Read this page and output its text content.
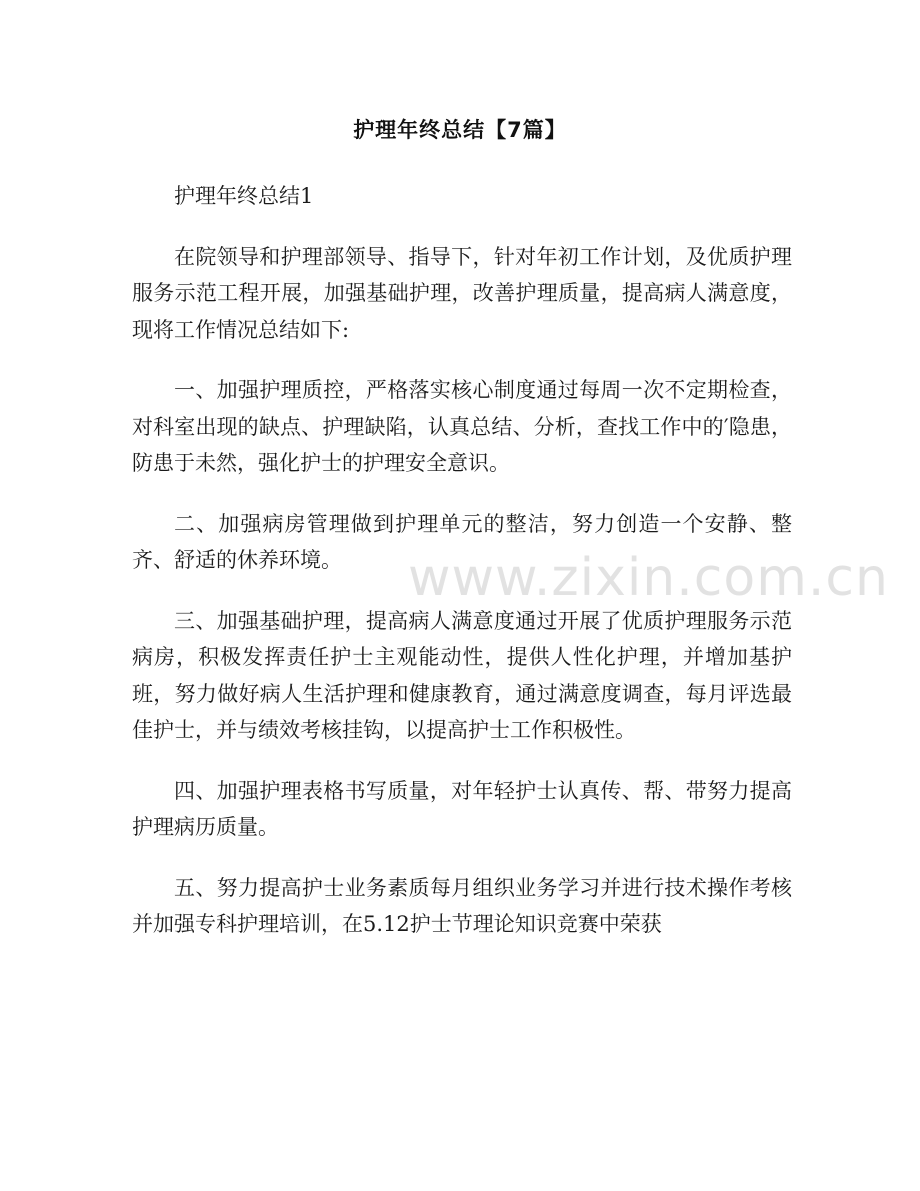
护理年终总结【7篇】

护理年终总结1

在院领导和护理部领导、指导下，针对年初工作计划，及优质护理服务示范工程开展，加强基础护理，改善护理质量，提高病人满意度，现将工作情况总结如下:

一、加强护理质控，严格落实核心制度通过每周一次不定期检查，对科室出现的缺点、护理缺陷，认真总结、分析，查找工作中的′隐患，防患于未然，强化护士的护理安全意识。

二、加强病房管理做到护理单元的整洁，努力创造一个安静、整齐、舒适的休养环境。

三、加强基础护理，提高病人满意度通过开展了优质护理服务示范病房，积极发挥责任护士主观能动性，提供人性化护理，并增加基护班，努力做好病人生活护理和健康教育，通过满意度调查，每月评选最佳护士，并与绩效考核挂钩，以提高护士工作积极性。

四、加强护理表格书写质量，对年轻护士认真传、帮、带努力提高护理病历质量。

五、努力提高护士业务素质每月组织业务学习并进行技术操作考核并加强专科护理培训，在5.12护士节理论知识竞赛中荣获

www.zixin.com.cn
